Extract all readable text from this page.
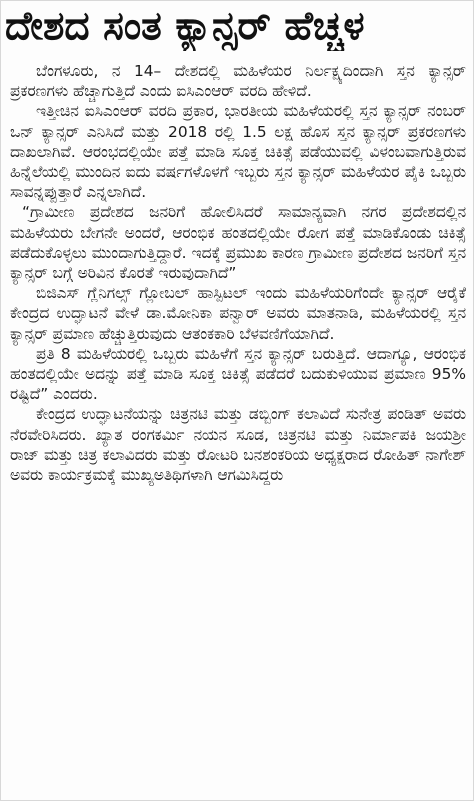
ದೇಶದ ಸಂತ ಕ್ಯಾನ್ಸರ್ ಹೆಚ್ಚಳ

ಬೆಂಗಳೂರು, ನ 14– ದೇಶದಲ್ಲಿ ಮಹಿಳೆಯರ ನಿರ್ಲಕ್ಷ್ಯದಿಂದಾಗಿ ಸ್ತನ ಕ್ಯಾನ್ಸರ್ ಪ್ರಕರಣಗಳು ಹೆಚ್ಚಾಗುತ್ತಿದೆ ಎಂದು ಐಸಿಎಂಆರ್ ವರದಿ ಹೇಳಿದೆ.

ಇತ್ತೀಚಿನ ಐಸಿಎಂಆರ್ ವರದಿ ಪ್ರಕಾರ, ಭಾರತೀಯ ಮಹಿಳೆಯರಲ್ಲಿ ಸ್ತನ ಕ್ಯಾನ್ಸರ್ ನಂಬರ್ ಒನ್ ಕ್ಯಾನ್ಸರ್ ಎನಿಸಿದೆ ಮತ್ತು 2018 ರಲ್ಲಿ 1.5 ಲಕ್ಷ ಹೊಸ ಸ್ತನ ಕ್ಯಾನ್ಸರ್ ಪ್ರಕರಣಗಳು ದಾಖಲಾಗಿವೆ. ಆರಂಭದಲ್ಲಿಯೇ ಪತ್ತೆ ಮಾಡಿ ಸೂಕ್ತ ಚಿಕಿತ್ಸೆ ಪಡೆಯುವಲ್ಲಿ ವಿಳಂಬವಾಗುತ್ತಿರುವ ಹಿನ್ನೆಲೆಯಲ್ಲಿ ಮುಂದಿನ ಐದು ವರ್ಷಗಳೊಳಗೆ ಇಬ್ಬರು ಸ್ತನ ಕ್ಯಾನ್ಸರ್ ಮಹಿಳೆಯರ ಪೈಕಿ ಒಬ್ಬರು ಸಾವನ್ನಪ್ಪುತ್ತಾರೆ ಎನ್ನಲಾಗಿದೆ.

“ಗ್ರಾಮೀಣ ಪ್ರದೇಶದ ಜನರಿಗೆ ಹೋಲಿಸಿದರೆ ಸಾಮಾನ್ಯವಾಗಿ ನಗರ ಪ್ರದೇಶದಲ್ಲಿನ ಮಹಿಳೆಯರು ಬೇಗನೇ ಅಂದರೆ, ಆರಂಭಿಕ ಹಂತದಲ್ಲಿಯೇ ರೋಗ ಪತ್ತೆ ಮಾಡಿಕೊಂಡು ಚಿಕಿತ್ಸೆ ಪಡೆದುಕೊಳ್ಳಲು ಮುಂದಾಗುತ್ತಿದ್ದಾರೆ. ಇದಕ್ಕೆ ಪ್ರಮುಖ ಕಾರಣ ಗ್ರಾಮೀಣ ಪ್ರದೇಶದ ಜನರಿಗೆ ಸ್ತನ ಕ್ಯಾನ್ಸರ್ ಬಗ್ಗೆ ಅರಿವಿನ ಕೊರತೆ ಇರುವುದಾಗಿದೆ”

ಬಿಜಿಎಸ್ ಗ್ಲೆನಿಗಲ್ಸ್ ಗ್ಲೋಬಲ್ ಹಾಸ್ಪಿಟಲ್ ಇಂದು ಮಹಿಳೆಯರಿಗೆಂದೇ ಕ್ಯಾನ್ಸರ್ ಆರೈಕೆ ಕೇಂದ್ರದ ಉದ್ಘಾಟನೆ ವೇಳೆ ಡಾ.ಮೋನಿಕಾ ಪನ್ವಾರ್ ಅವರು ಮಾತನಾಡಿ, ಮಹಿಳೆಯರಲ್ಲಿ ಸ್ತನ ಕ್ಯಾನ್ಸರ್ ಪ್ರಮಾಣ ಹೆಚ್ಚುತ್ತಿರುವುದು ಆತಂಕಕಾರಿ ಬೆಳವಣಿಗೆಯಾಗಿದೆ.

ಪ್ರತಿ 8 ಮಹಿಳೆಯರಲ್ಲಿ ಒಬ್ಬರು ಮಹಿಳೆಗೆ ಸ್ತನ ಕ್ಯಾನ್ಸರ್ ಬರುತ್ತಿದೆ. ಆದಾಗ್ಯೂ, ಆರಂಭಿಕ ಹಂತದಲ್ಲಿಯೇ ಅದನ್ನು ಪತ್ತೆ ಮಾಡಿ ಸೂಕ್ತ ಚಿಕಿತ್ಸೆ ಪಡೆದರೆ ಬದುಕುಳಿಯುವ ಪ್ರಮಾಣ 95% ರಷ್ಟಿದೆ” ಎಂದರು.

ಕೇಂದ್ರದ ಉದ್ಘಾಟನೆಯನ್ನು ಚಿತ್ರನಟಿ ಮತ್ತು ಡಬ್ಬಿಂಗ್ ಕಲಾವಿದೆ ಸುನೇತ್ರ ಪಂಡಿತ್ ಅವರು ನೆರವೇರಿಸಿದರು. ಖ್ಯಾತ ರಂಗಕರ್ಮಿ ನಯನ ಸೂಡ, ಚಿತ್ರನಟಿ ಮತ್ತು ನಿರ್ಮಾಪಕಿ ಜಯಶ್ರೀ ರಾಜ್ ಮತ್ತು ಚಿತ್ರ ಕಲಾವಿದರು ಮತ್ತು ರೋಟರಿ ಬನಶಂಕರಿಯ ಅಧ್ಯಕ್ಷರಾದ ರೋಹಿತ್ ನಾಗೇಶ್ ಅವರು ಕಾರ್ಯಕ್ರಮಕ್ಕೆ ಮುಖ್ಯಅತಿಥಿಗಳಾಗಿ ಆಗಮಿಸಿದ್ದರು
